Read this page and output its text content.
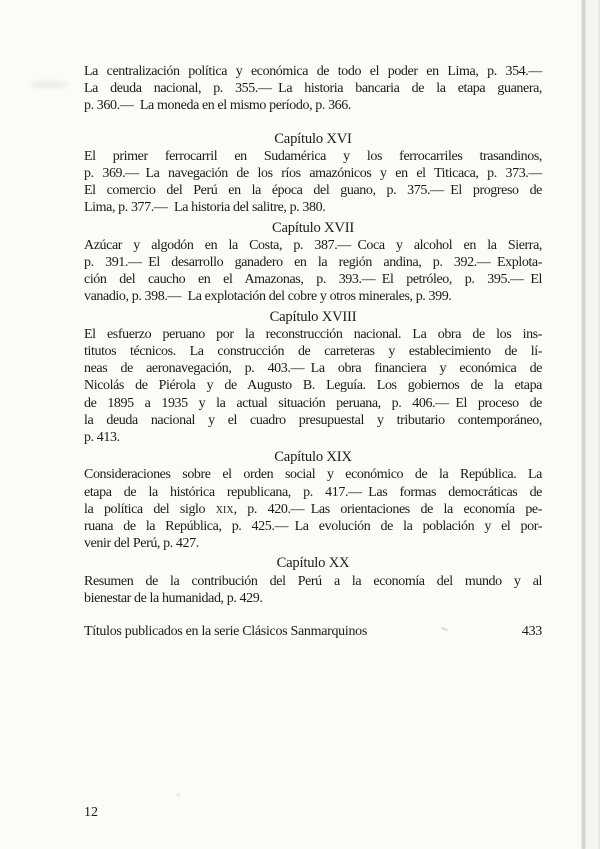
La centralización política y económica de todo el poder en Lima, p. 354.—
La deuda nacional, p. 355.— La historia bancaria de la etapa guanera,
p. 360.— La moneda en el mismo período, p. 366.
Capítulo XVI
El primer ferrocarril en Sudamérica y los ferrocarriles trasandinos,
p. 369.— La navegación de los ríos amazónicos y en el Titicaca, p. 373.—
El comercio del Perú en la época del guano, p. 375.— El progreso de
Lima, p. 377.— La historia del salitre, p. 380.
Capítulo XVII
Azúcar y algodón en la Costa, p. 387.— Coca y alcohol en la Sierra,
p. 391.— El desarrollo ganadero en la región andina, p. 392.— Explota-
ción del caucho en el Amazonas, p. 393.— El petróleo, p. 395.— El
vanadio, p. 398.— La explotación del cobre y otros minerales, p. 399.
Capítulo XVIII
El esfuerzo peruano por la reconstrucción nacional. La obra de los ins-
titutos técnicos. La construcción de carreteras y establecimiento de lí-
neas de aeronavegación, p. 403.— La obra financiera y económica de
Nicolás de Piérola y de Augusto B. Leguía. Los gobiernos de la etapa
de 1895 a 1935 y la actual situación peruana, p. 406.— El proceso de
la deuda nacional y el cuadro presupuestal y tributario contemporáneo,
p. 413.
Capítulo XIX
Consideraciones sobre el orden social y económico de la República. La
etapa de la histórica republicana, p. 417.— Las formas democráticas de
la política del siglo xix, p. 420.— Las orientaciones de la economía pe-
ruana de la República, p. 425.— La evolución de la población y el por-
venir del Perú, p. 427.
Capítulo XX
Resumen de la contribución del Perú a la economía del mundo y al
bienestar de la humanidad, p. 429.
Títulos publicados en la serie Clásicos Sanmarquinos	433
12
